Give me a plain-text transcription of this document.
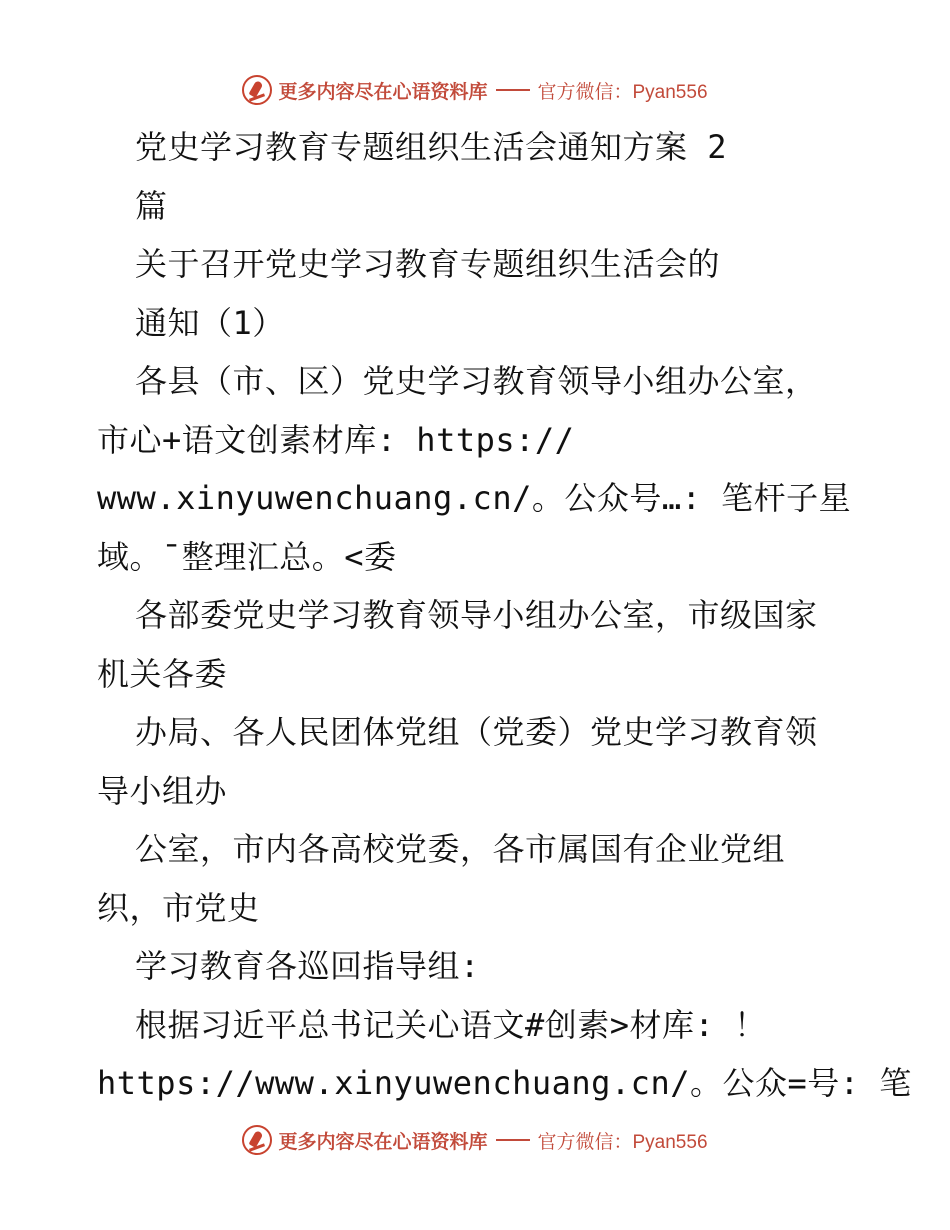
更多内容尽在心语资料库	官方微信：Pyan556
党史学习教育专题组织生活会通知方案 2
篇
关于召开党史学习教育专题组织生活会的
通知（1）
各县（市、区）党史学习教育领导小组办公室，
市心+语文创素材库: https://
www.xinyuwenchuang.cn/。公众号…: 笔杆子星
域。¯整理汇总。<委
各部委党史学习教育领导小组办公室，市级国家
机关各委
办局、各人民团体党组（党委）党史学习教育领
导小组办
公室，市内各高校党委，各市属国有企业党组
织，市党史
学习教育各巡回指导组:
根据习近平总书记关心语文#创素>材库: ！
https://www.xinyuwenchuang.cn/。公众=号: 笔
更多内容尽在心语资料库	官方微信：Pyan556
